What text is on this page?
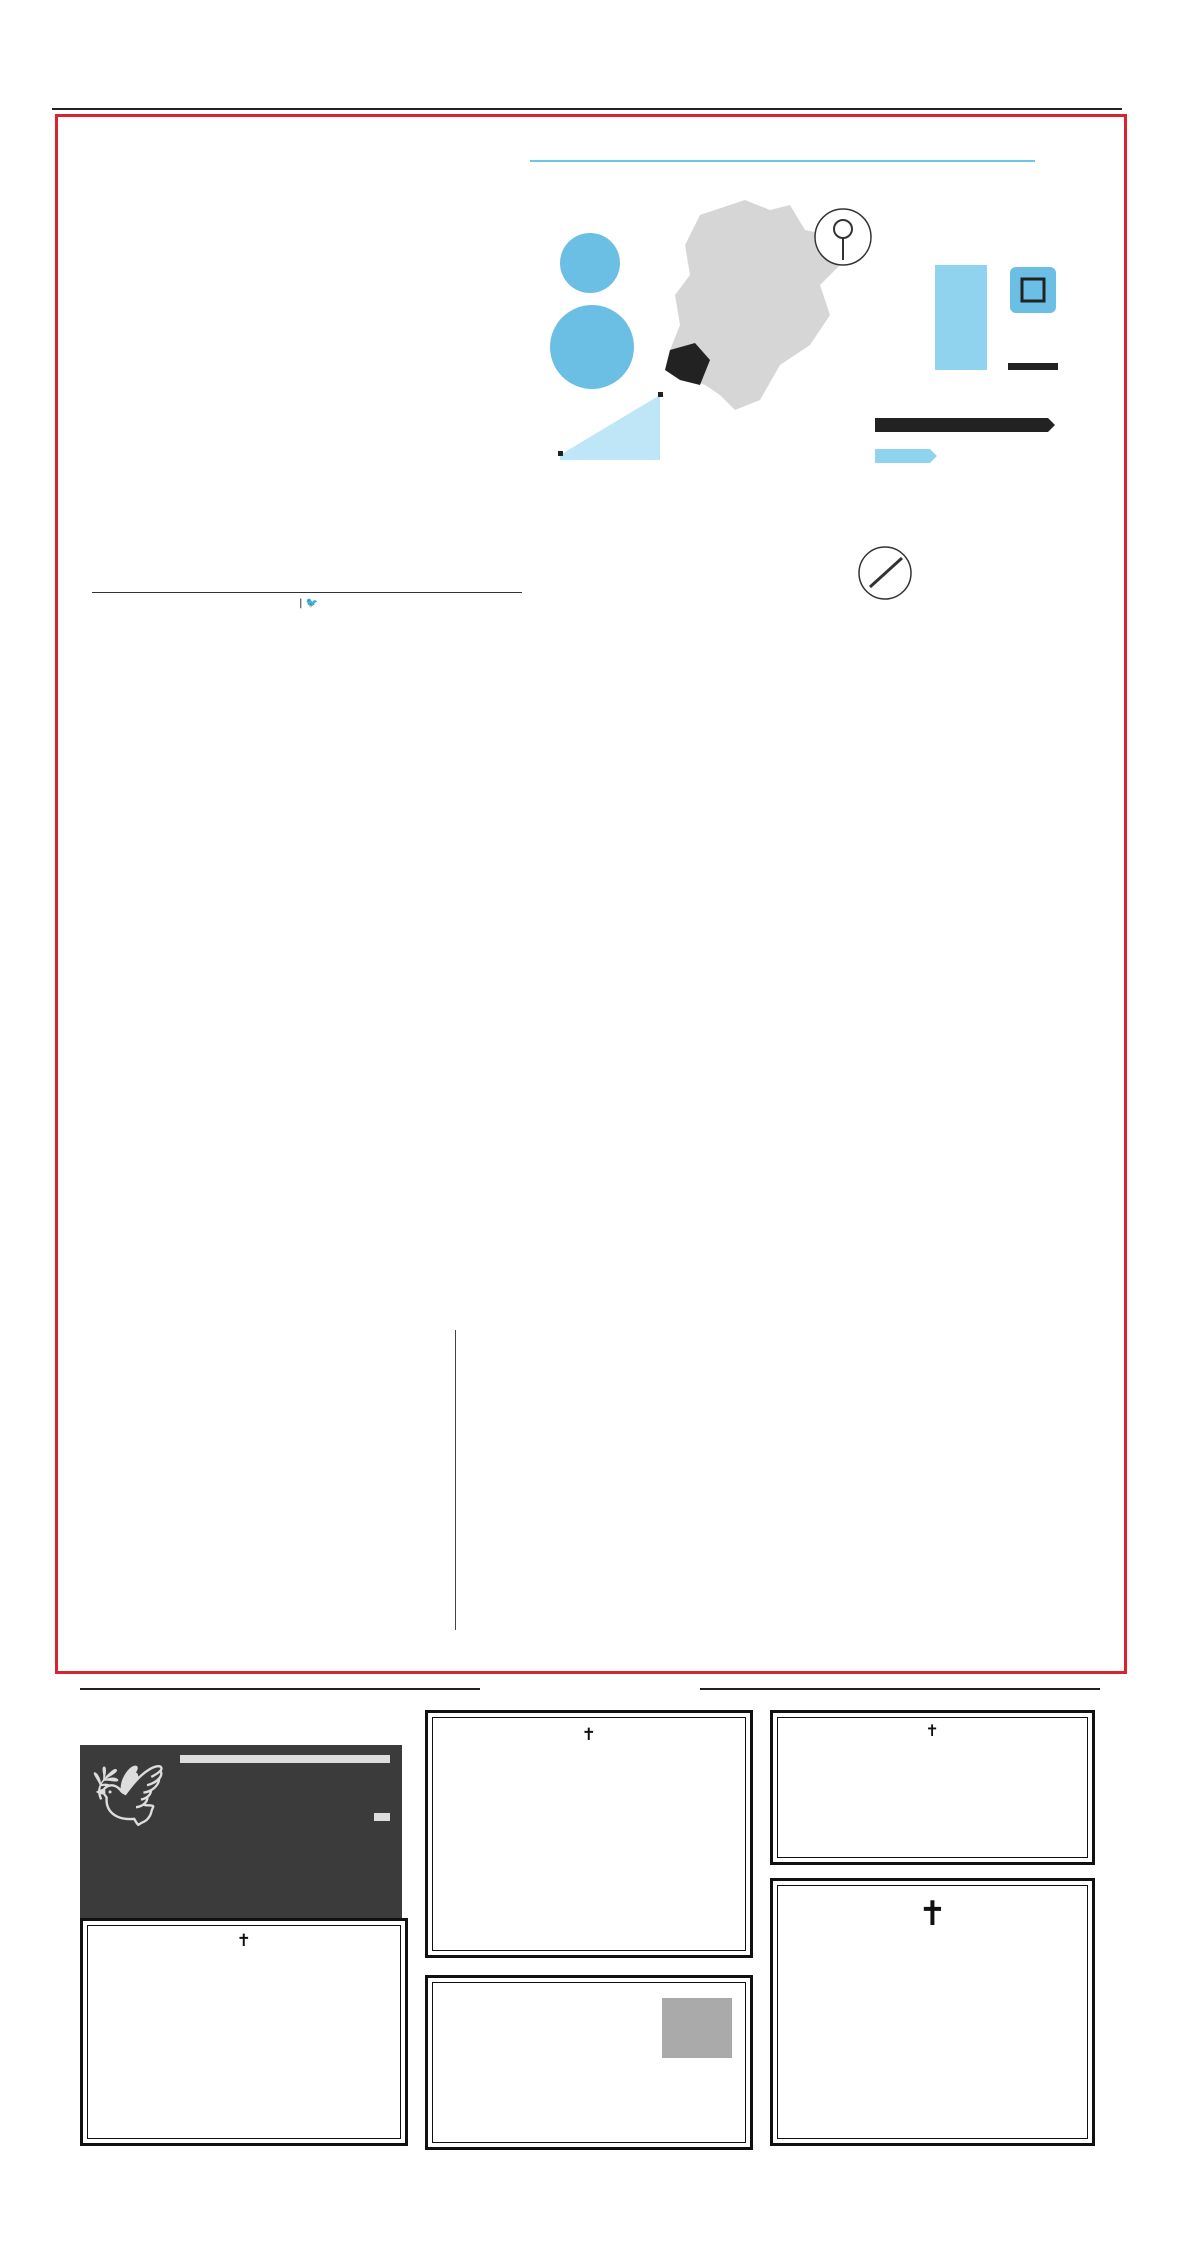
| 🐦
🕊
✝	✝
✝
✝
